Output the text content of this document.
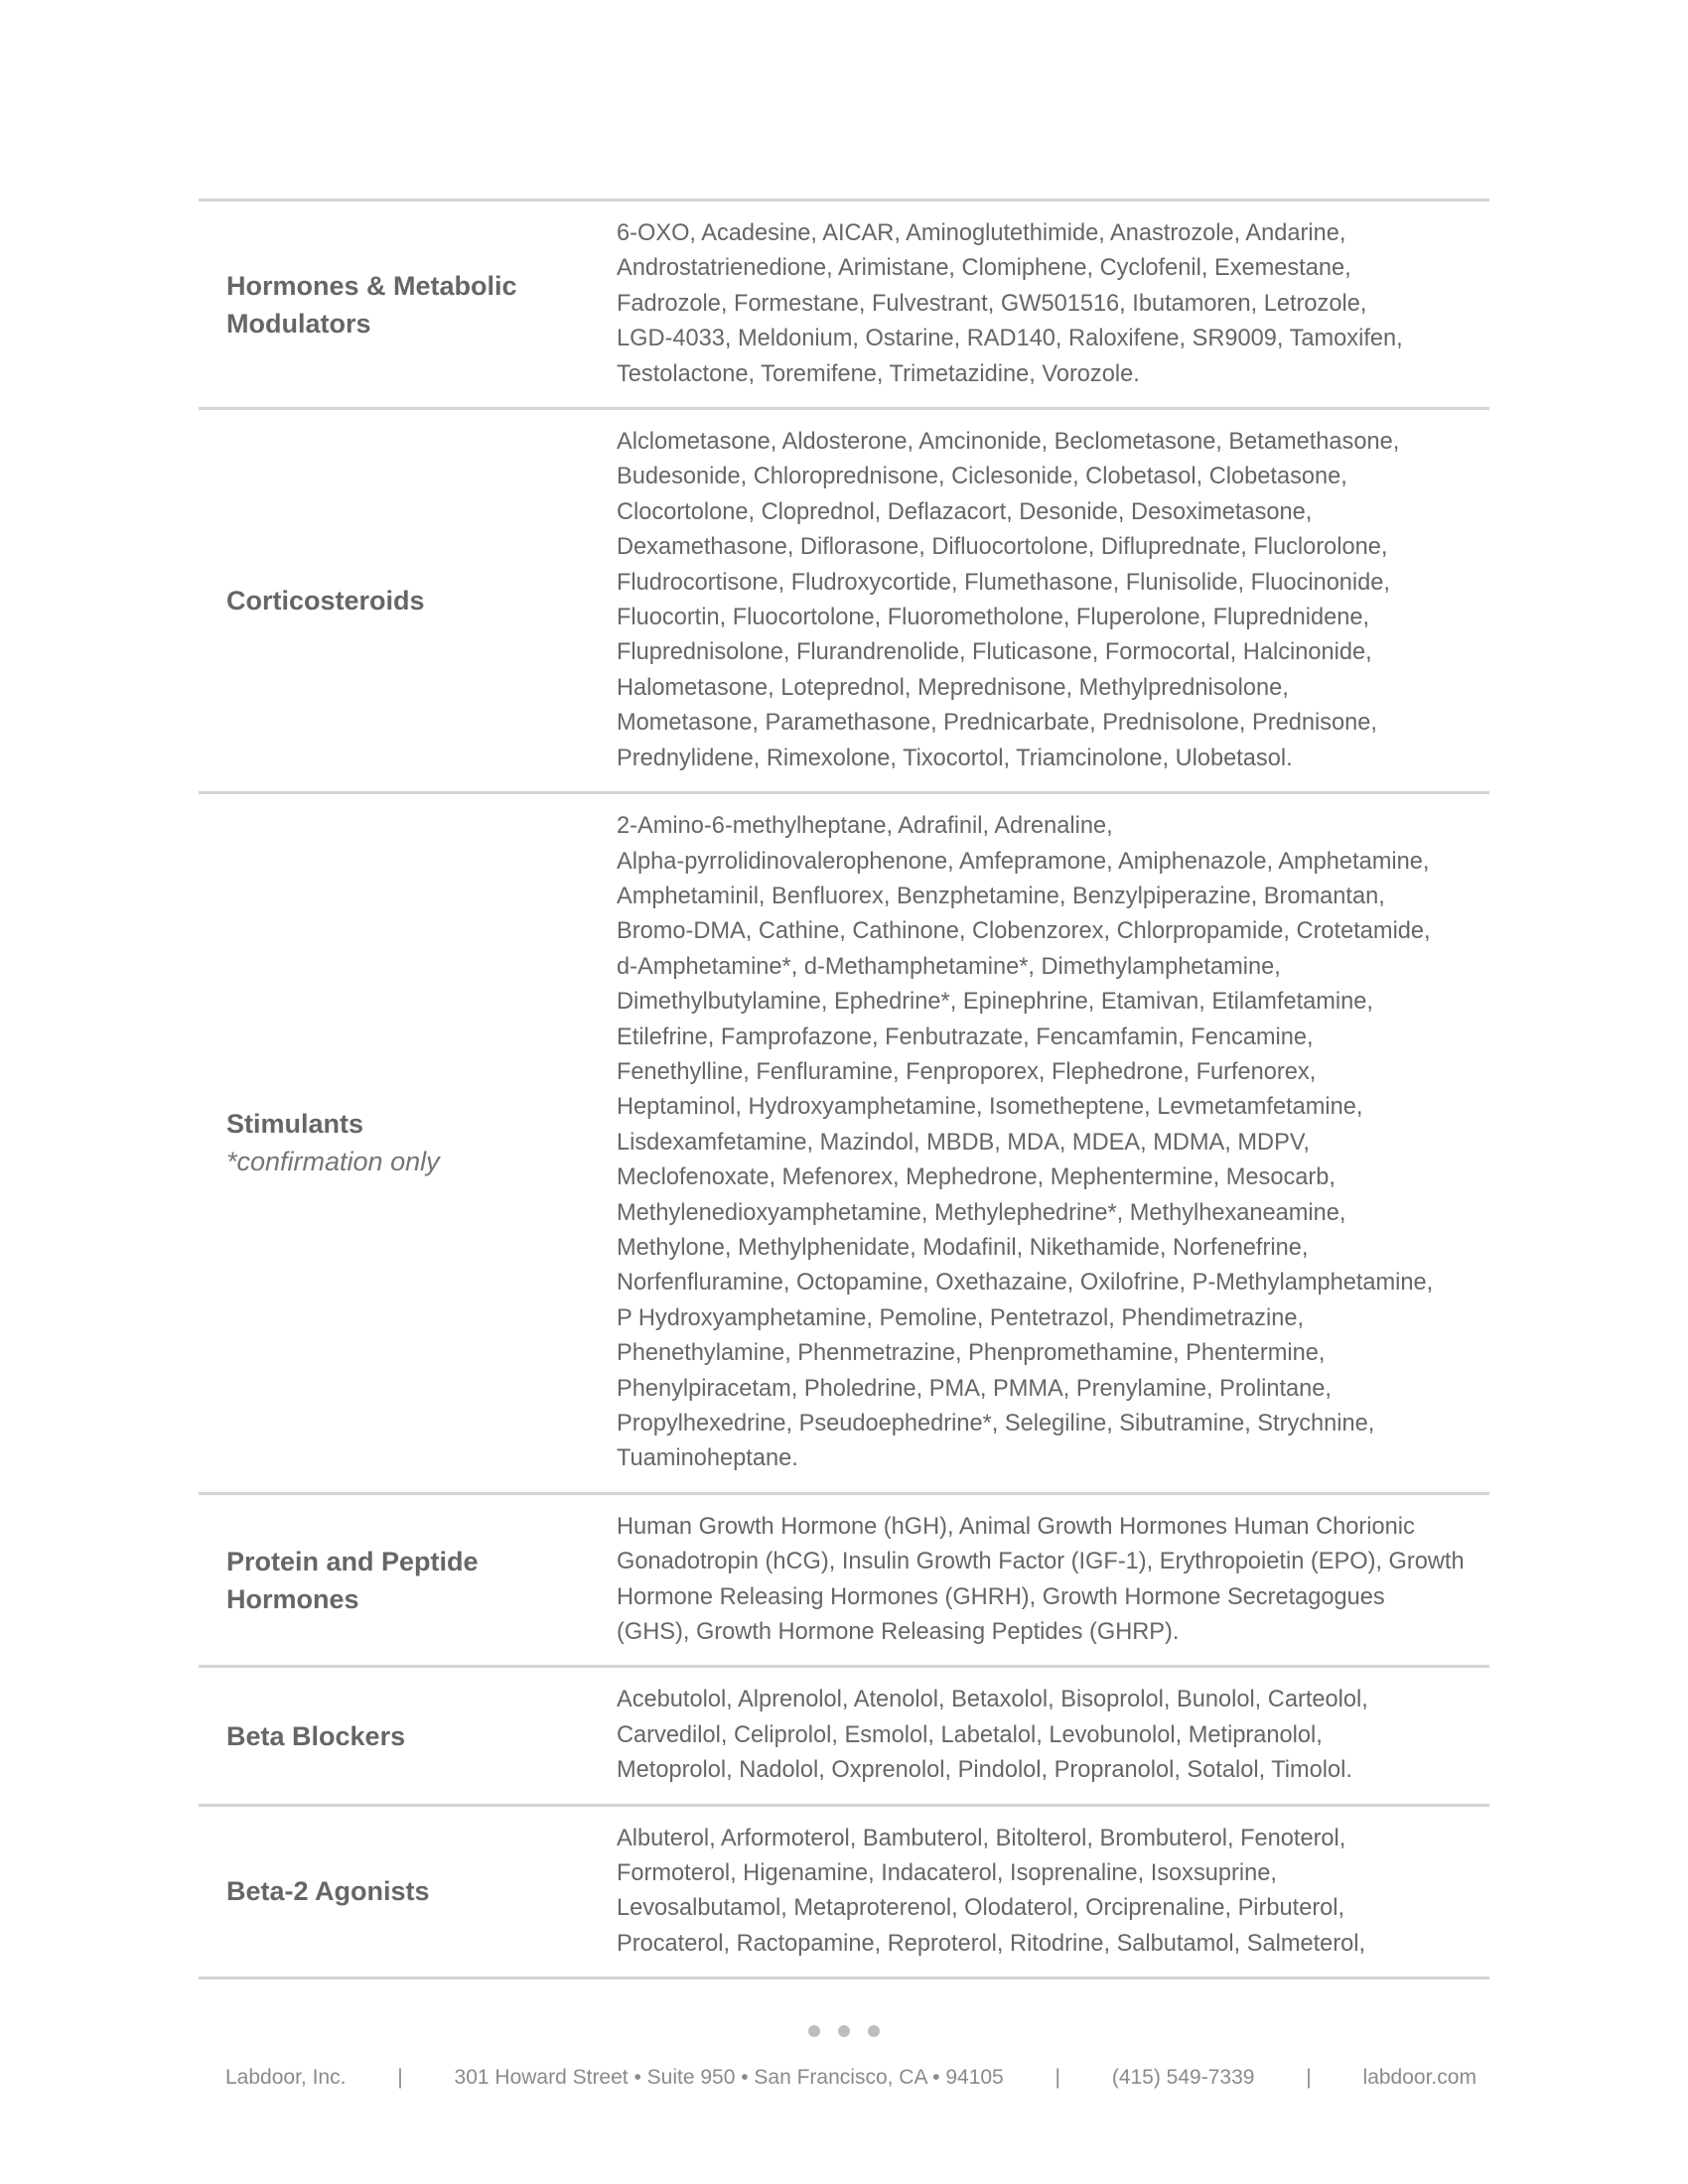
Hormones & Metabolic
Modulators
6-OXO, Acadesine, AICAR, Aminoglutethimide, Anastrozole, Andarine,
Androstatrienedione, Arimistane, Clomiphene, Cyclofenil, Exemestane,
Fadrozole, Formestane, Fulvestrant, GW501516, Ibutamoren, Letrozole,
LGD-4033, Meldonium, Ostarine, RAD140, Raloxifene, SR9009, Tamoxifen,
Testolactone, Toremifene, Trimetazidine, Vorozole.
Corticosteroids
Alclometasone, Aldosterone, Amcinonide, Beclometasone, Betamethasone,
Budesonide, Chloroprednisone, Ciclesonide, Clobetasol, Clobetasone,
Clocortolone, Cloprednol, Deflazacort, Desonide, Desoximetasone,
Dexamethasone, Diflorasone, Difluocortolone, Difluprednate, Fluclorolone,
Fludrocortisone, Fludroxycortide, Flumethasone, Flunisolide, Fluocinonide,
Fluocortin, Fluocortolone, Fluorometholone, Fluperolone, Fluprednidene,
Fluprednisolone, Flurandrenolide, Fluticasone, Formocortal, Halcinonide,
Halometasone, Loteprednol, Meprednisone, Methylprednisolone,
Mometasone, Paramethasone, Prednicarbate, Prednisolone, Prednisone,
Prednylidene, Rimexolone, Tixocortol, Triamcinolone, Ulobetasol.
Stimulants
*confirmation only
2-Amino-6-methylheptane, Adrafinil, Adrenaline,
Alpha-pyrrolidinovalerophenone, Amfepramone, Amiphenazole, Amphetamine,
Amphetaminil, Benfluorex, Benzphetamine, Benzylpiperazine, Bromantan,
Bromo-DMA, Cathine, Cathinone, Clobenzorex, Chlorpropamide, Crotetamide,
d-Amphetamine*, d-Methamphetamine*, Dimethylamphetamine,
Dimethylbutylamine, Ephedrine*, Epinephrine, Etamivan, Etilamfetamine,
Etilefrine, Famprofazone, Fenbutrazate, Fencamfamin, Fencamine,
Fenethylline, Fenfluramine, Fenproporex, Flephedrone, Furfenorex,
Heptaminol, Hydroxyamphetamine, Isometheptene, Levmetamfetamine,
Lisdexamfetamine, Mazindol, MBDB, MDA, MDEA, MDMA, MDPV,
Meclofenoxate, Mefenorex, Mephedrone, Mephentermine, Mesocarb,
Methylenedioxyamphetamine, Methylephedrine*, Methylhexaneamine,
Methylone, Methylphenidate, Modafinil, Nikethamide, Norfenefrine,
Norfenfluramine, Octopamine, Oxethazaine, Oxilofrine, P-Methylamphetamine,
P Hydroxyamphetamine, Pemoline, Pentetrazol, Phendimetrazine,
Phenethylamine, Phenmetrazine, Phenpromethamine, Phentermine,
Phenylpiracetam, Pholedrine, PMA, PMMA, Prenylamine, Prolintane,
Propylhexedrine, Pseudoephedrine*, Selegiline, Sibutramine, Strychnine,
Tuaminoheptane.
Protein and Peptide
Hormones
Human Growth Hormone (hGH), Animal Growth Hormones Human Chorionic
Gonadotropin (hCG), Insulin Growth Factor (IGF-1), Erythropoietin (EPO), Growth
Hormone Releasing Hormones (GHRH), Growth Hormone Secretagogues
(GHS), Growth Hormone Releasing Peptides (GHRP).
Beta Blockers
Acebutolol, Alprenolol, Atenolol, Betaxolol, Bisoprolol, Bunolol, Carteolol,
Carvedilol, Celiprolol, Esmolol, Labetalol, Levobunolol, Metipranolol,
Metoprolol, Nadolol, Oxprenolol, Pindolol, Propranolol, Sotalol, Timolol.
Beta-2 Agonists
Albuterol, Arformoterol, Bambuterol, Bitolterol, Brombuterol, Fenoterol,
Formoterol, Higenamine, Indacaterol, Isoprenaline, Isoxsuprine,
Levosalbutamol, Metaproterenol, Olodaterol, Orciprenaline, Pirbuterol,
Procaterol, Ractopamine, Reproterol, Ritodrine, Salbutamol, Salmeterol,
Labdoor, Inc. | 301 Howard Street • Suite 950 • San Francisco, CA • 94105 | (415) 549-7339 | labdoor.com
